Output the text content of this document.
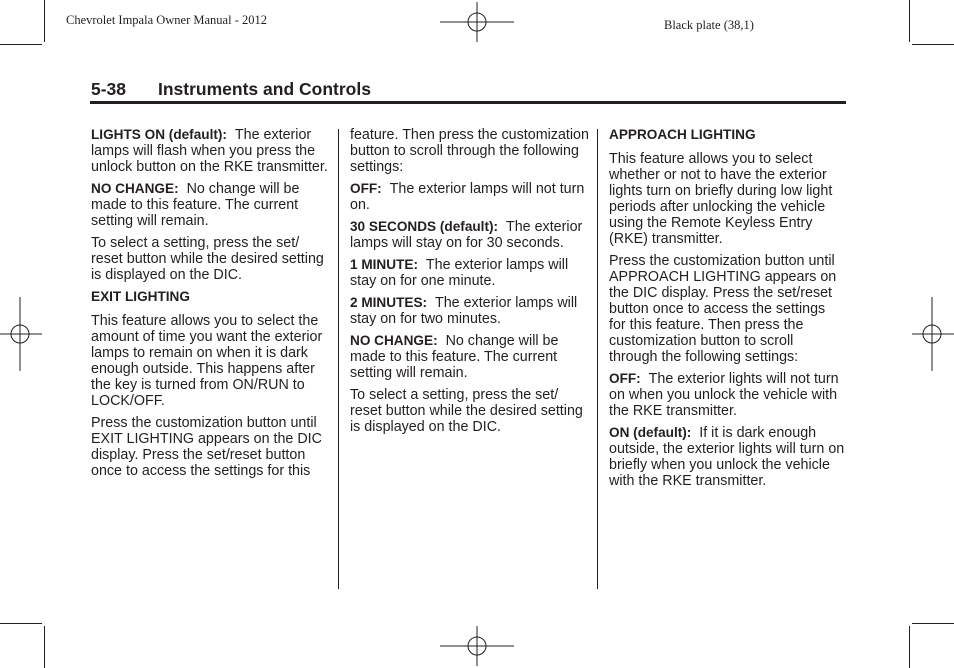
Chevrolet Impala Owner Manual - 2012	Black plate (38,1)
5-38 Instruments and Controls

LIGHTS ON (default): The exterior lamps will flash when you press the unlock button on the RKE transmitter.

NO CHANGE: No change will be made to this feature. The current setting will remain.

To select a setting, press the set/ reset button while the desired setting is displayed on the DIC.

EXIT LIGHTING

This feature allows you to select the amount of time you want the exterior lamps to remain on when it is dark enough outside. This happens after the key is turned from ON/RUN to LOCK/OFF.

Press the customization button until EXIT LIGHTING appears on the DIC display. Press the set/reset button once to access the settings for this

feature. Then press the customization button to scroll through the following settings:

OFF: The exterior lamps will not turn on.

30 SECONDS (default): The exterior lamps will stay on for 30 seconds.

1 MINUTE: The exterior lamps will stay on for one minute.

2 MINUTES: The exterior lamps will stay on for two minutes.

NO CHANGE: No change will be made to this feature. The current setting will remain.

To select a setting, press the set/ reset button while the desired setting is displayed on the DIC.

APPROACH LIGHTING

This feature allows you to select whether or not to have the exterior lights turn on briefly during low light periods after unlocking the vehicle using the Remote Keyless Entry (RKE) transmitter.

Press the customization button until APPROACH LIGHTING appears on the DIC display. Press the set/reset button once to access the settings for this feature. Then press the customization button to scroll through the following settings:

OFF: The exterior lights will not turn on when you unlock the vehicle with the RKE transmitter.

ON (default): If it is dark enough outside, the exterior lights will turn on briefly when you unlock the vehicle with the RKE transmitter.
